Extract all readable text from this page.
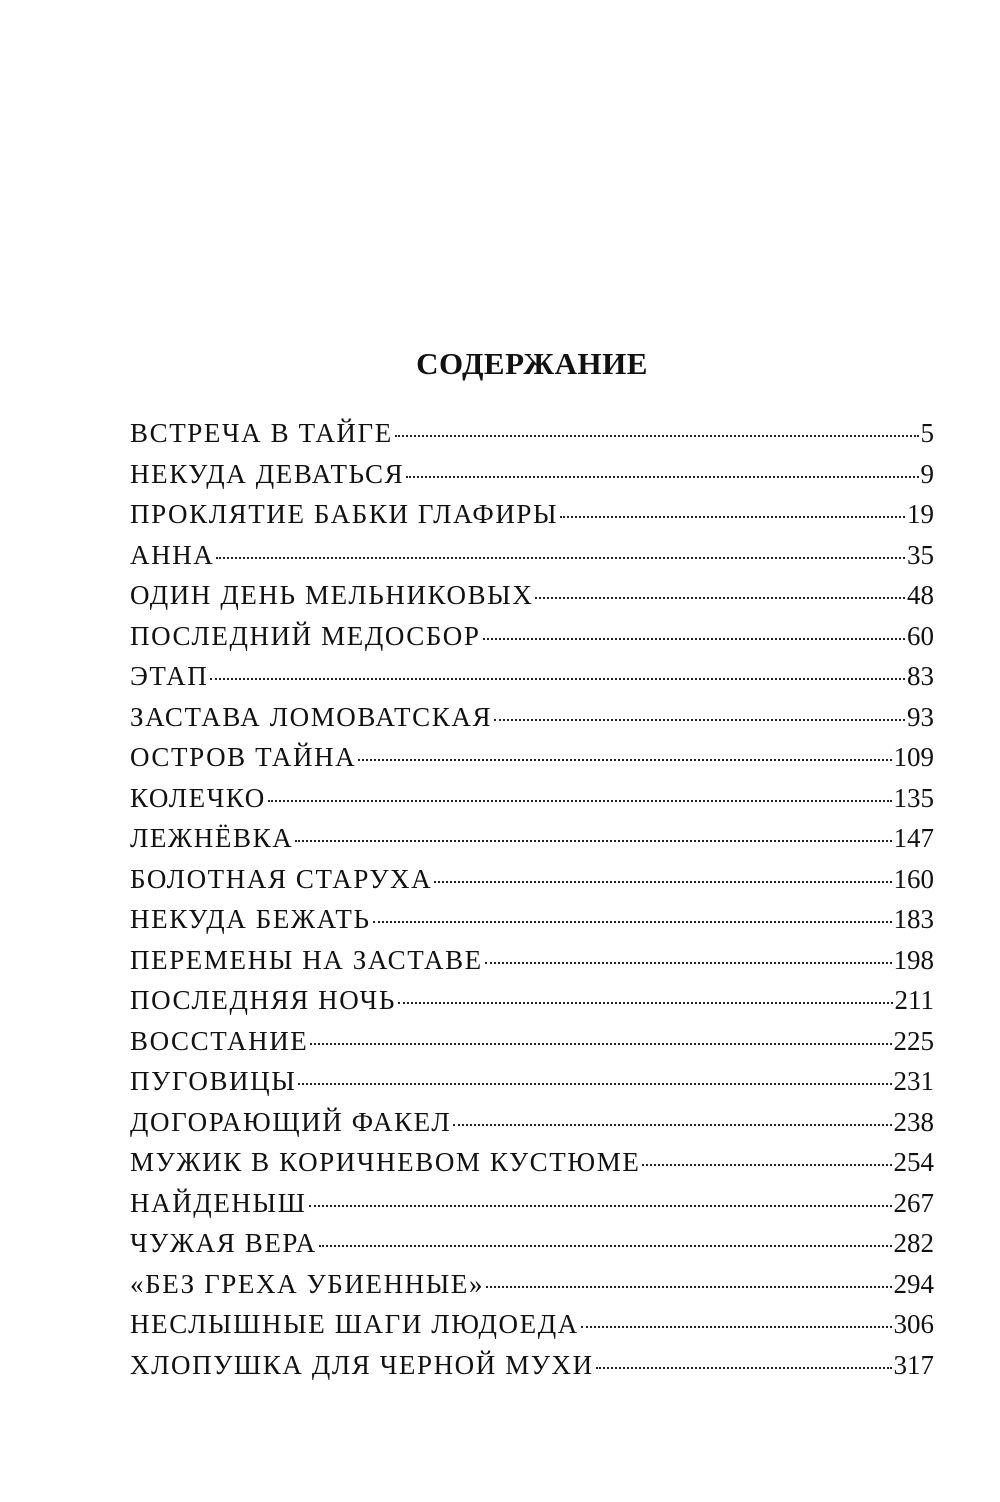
СОДЕРЖАНИЕ
ВСТРЕЧА В ТАЙГЕ	5
НЕКУДА ДЕВАТЬСЯ	9
ПРОКЛЯТИЕ БАБКИ ГЛАФИРЫ	19
АННА	35
ОДИН ДЕНЬ МЕЛЬНИКОВЫХ	48
ПОСЛЕДНИЙ МЕДОСБОР	60
ЭТАП	83
ЗАСТАВА ЛОМОВАТСКАЯ	93
ОСТРОВ ТАЙНА	109
КОЛЕЧКО	135
ЛЕЖНЁВКА	147
БОЛОТНАЯ СТАРУХА	160
НЕКУДА БЕЖАТЬ	183
ПЕРЕМЕНЫ НА ЗАСТАВЕ	198
ПОСЛЕДНЯЯ НОЧЬ	211
ВОССТАНИЕ	225
ПУГОВИЦЫ	231
ДОГОРАЮЩИЙ ФАКЕЛ	238
МУЖИК В КОРИЧНЕВОМ КУСТЮМЕ	254
НАЙДЕНЫШ	267
ЧУЖАЯ ВЕРА	282
«БЕЗ ГРЕХА УБИЕННЫЕ»	294
НЕСЛЫШНЫЕ ШАГИ ЛЮДОЕДА	306
ХЛОПУШКА ДЛЯ ЧЕРНОЙ МУХИ	317
